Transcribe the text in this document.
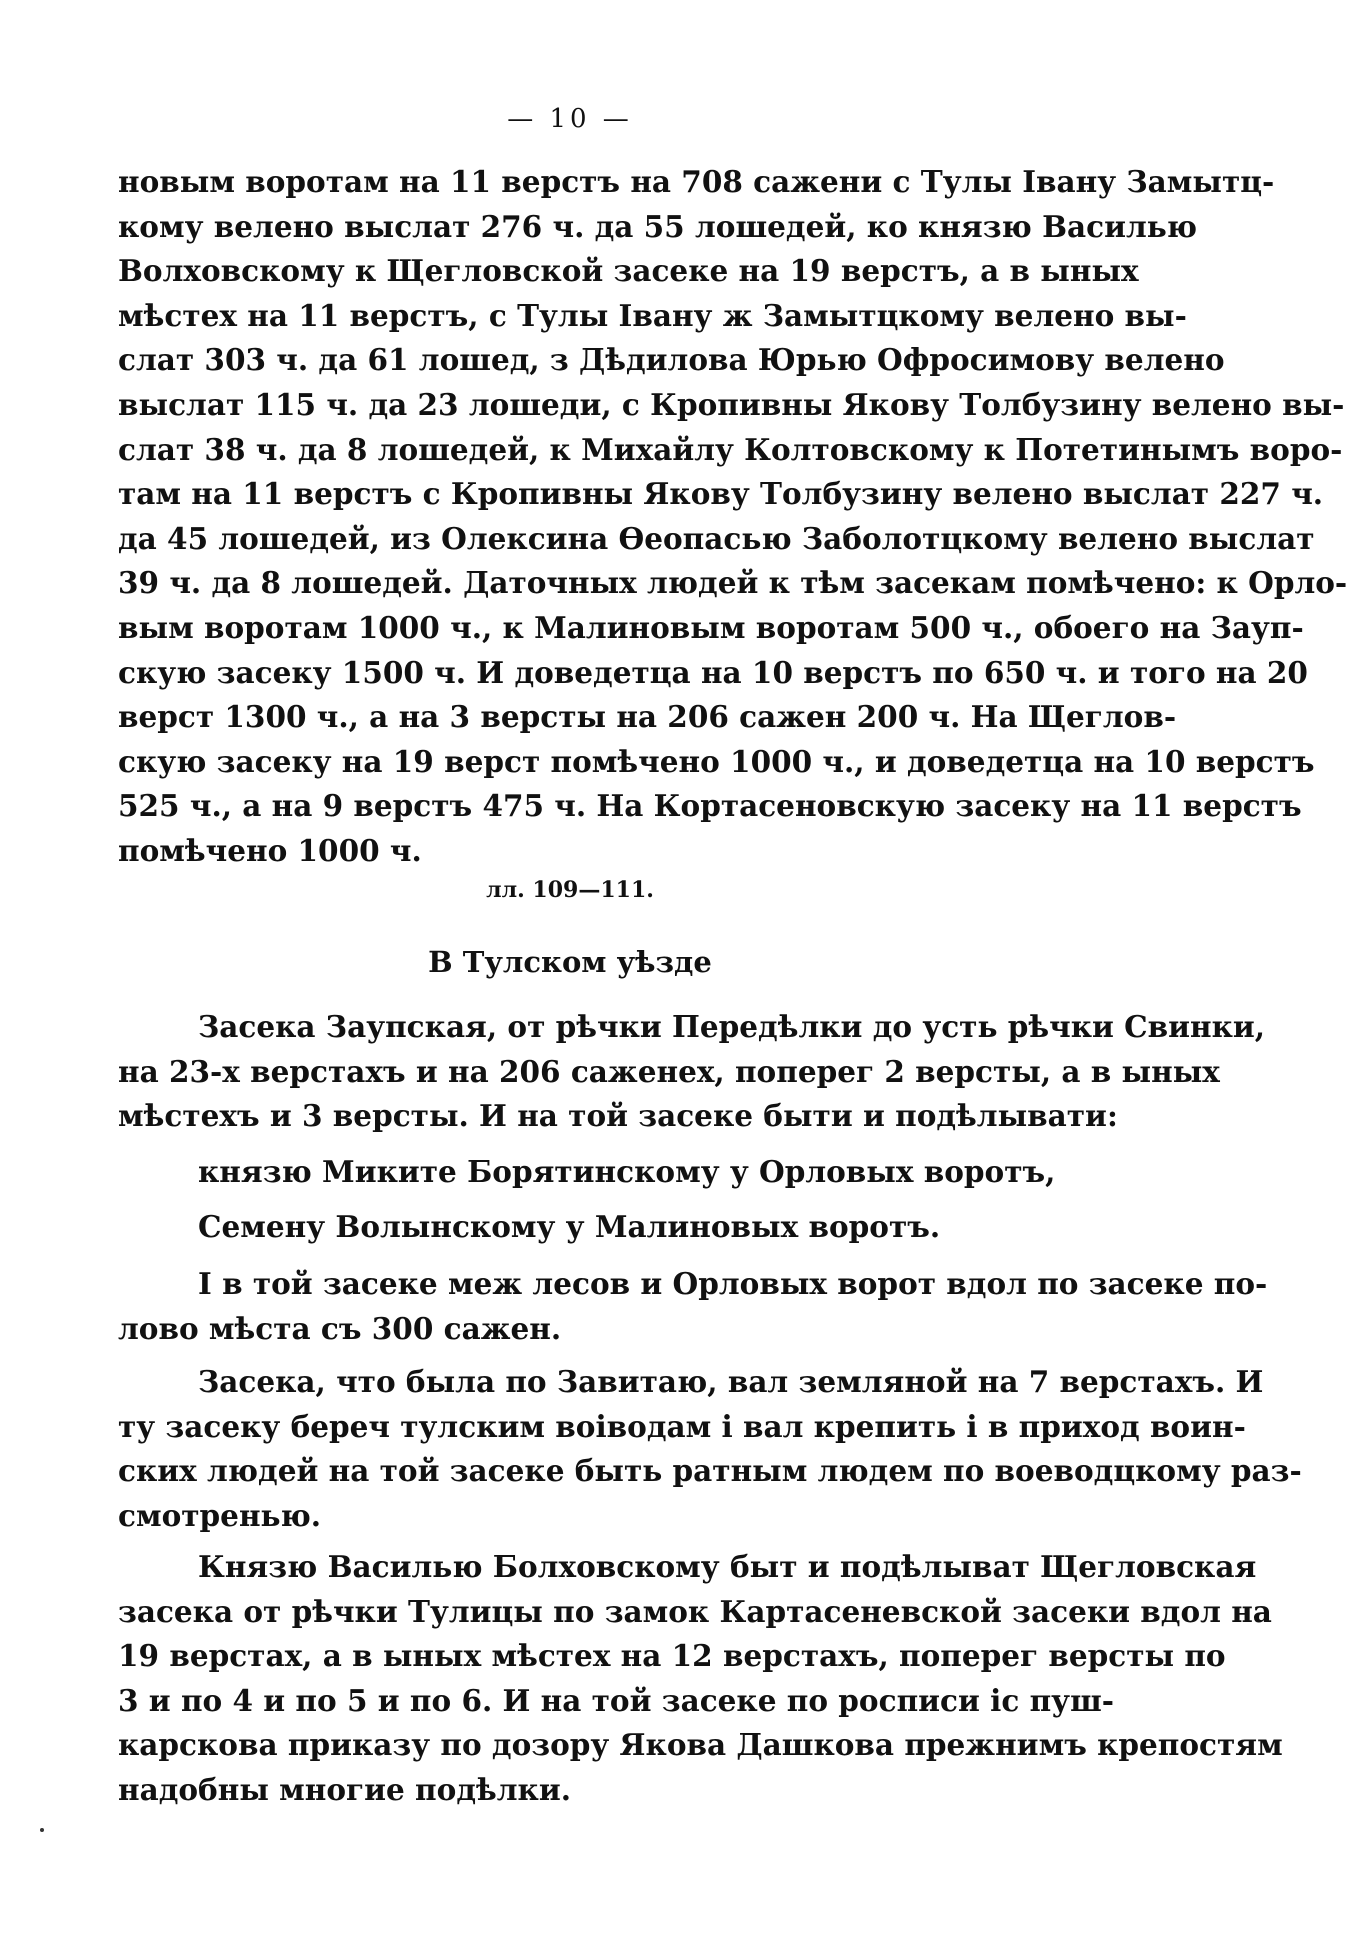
— 10 —
новым воротам на 11 верстъ на 708 сажени с Тулы Івану Замытц-
кому велено выслат 276 ч. да 55 лошедей, ко князю Василью
Волховскому к Щегловской засеке на 19 верстъ, а в ыных
мѣстех на 11 верстъ, с Тулы Івану ж Замытцкому велено вы-
слат 303 ч. да 61 лошед, з Дѣдилова Юрью Офросимову велено
выслат 115 ч. да 23 лошеди, с Кропивны Якову Толбузину велено вы-
слат 38 ч. да 8 лошедей, к Михайлу Колтовскому к Потетинымъ воро-
там на 11 верстъ с Кропивны Якову Толбузину велено выслат 227 ч.
да 45 лошедей, из Олексина Өеопасью Заболотцкому велено выслат
39 ч. да 8 лошедей. Даточных людей к тѣм засекам помѣчено: к Орло-
вым воротам 1000 ч., к Малиновым воротам 500 ч., обоего на Зауп-
скую засеку 1500 ч. И доведетца на 10 верстъ по 650 ч. и того на 20
верст 1300 ч., а на 3 версты на 206 сажен 200 ч. На Щеглов-
скую засеку на 19 верст помѣчено 1000 ч., и доведетца на 10 верстъ
525 ч., а на 9 верстъ 475 ч. На Кортасеновскую засеку на 11 верстъ
помѣчено 1000 ч.
лл. 109—111.
В Тулском уѣзде
Засека Заупская, от рѣчки Передѣлки до усть рѣчки Свинки,
на 23-х верстахъ и на 206 саженех, поперег 2 версты, а в ыных
мѣстехъ и 3 версты. И на той засеке быти и подѣлывати:
князю Миките Борятинскому у Орловых воротъ,
Семену Волынскому у Малиновых воротъ.
І в той засеке меж лесов и Орловых ворот вдол по засеке по-
лово мѣста съ 300 сажен.
Засека, что была по Завитаю, вал земляной на 7 верстахъ. И
ту засеку береч тулским воіводам і вал крепить і в приход воин-
ских людей на той засеке быть ратным людем по воеводцкому раз-
смотренью.
Князю Василью Болховскому быт и подѣлыват Щегловская
засека от рѣчки Тулицы по замок Картасеневской засеки вдол на
19 верстах, а в ыных мѣстех на 12 верстахъ, поперег версты по
3 и по 4 и по 5 и по 6. И на той засеке по росписи іс пуш-
карскова приказу по дозору Якова Дашкова прежнимъ крепостям
надобны многие подѣлки.
